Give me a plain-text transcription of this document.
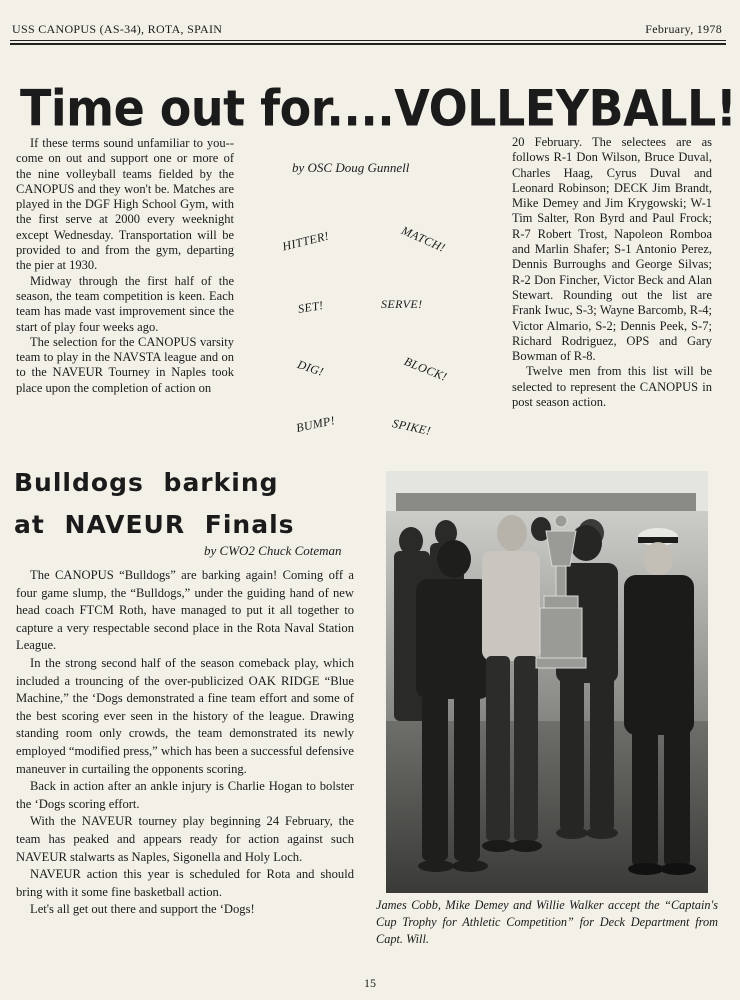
USS CANOPUS (AS-34), ROTA, SPAIN	February, 1978
Time out for....VOLLEYBALL!

If these terms sound unfamiliar to you--come on out and support one or more of the nine volleyball teams fielded by the CANOPUS and they won't be. Matches are played in the DGF High School Gym, with the first serve at 2000 every weeknight except Wednesday. Transportation will be provided to and from the gym, departing the pier at 1930.

Midway through the first half of the season, the team competition is keen. Each team has made vast improvement since the start of play four weeks ago.

The selection for the CANOPUS varsity team to play in the NAVSTA league and on to the NAVEUR Tourney in Naples took place upon the completion of action on

by OSC Doug Gunnell
HITTER!	MATCH!
SET!	SERVE!
DIG!	BLOCK!
BUMP!	SPIKE!

20 February. The selectees are as follows R-1 Don Wilson, Bruce Duval, Charles Haag, Cyrus Duval and Leonard Robinson; DECK Jim Brandt, Mike Demey and Jim Krygowski; W-1 Tim Salter, Ron Byrd and Paul Frock; R-7 Robert Trost, Napoleon Romboa and Marlin Shafer; S-1 Antonio Perez, Dennis Burroughs and George Silvas; R-2 Don Fincher, Victor Beck and Alan Stewart. Rounding out the list are Frank Iwuc, S-3; Wayne Barcomb, R-4; Victor Almario, S-2; Dennis Peek, S-7; Richard Rodriguez, OPS and Gary Bowman of R-8.

Twelve men from this list will be selected to represent the CANOPUS in post season action.

Bulldogs barking
at NAVEUR Finals
by CWO2 Chuck Coteman

The CANOPUS “Bulldogs” are barking again! Coming off a four game slump, the “Bulldogs,” under the guiding hand of new head coach FTCM Roth, have managed to put it all together to capture a very respectable second place in the Rota Naval Station League.

In the strong second half of the season comeback play, which included a trouncing of the over-publicized OAK RIDGE “Blue Machine,” the ‘Dogs demonstrated a fine team effort and some of the best scoring ever seen in the history of the league. Drawing standing room only crowds, the team demonstrated its newly employed “modified press,” which has been a successful defensive maneuver in curtailing the opponents scoring.

Back in action after an ankle injury is Charlie Hogan to bolster the ‘Dogs scoring effort.

With the NAVEUR tourney play beginning 24 February, the team has peaked and appears ready for action against such NAVEUR stalwarts as Naples, Sigonella and Holy Loch.

NAVEUR action this year is scheduled for Rota and should bring with it some fine basketball action.

Let's all get out there and support the ‘Dogs!	James Cobb, Mike Demey and Willie Walker accept the “Captain's Cup Trophy for Athletic Competition” for Deck Department from Capt. Will.
15
